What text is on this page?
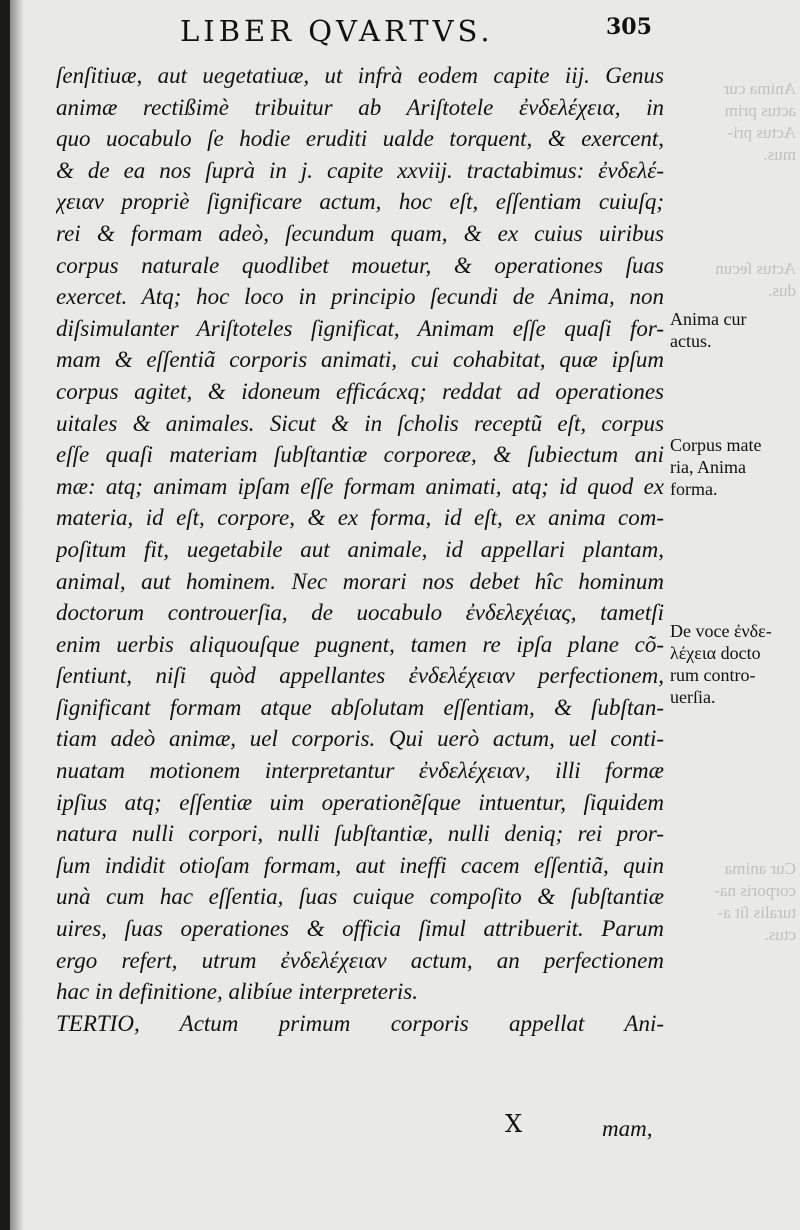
LIBER QVARTVS.	305
ſenſitiuæ, aut uegetatiuæ, ut infrà eodem capite iij. Genus
animæ rectißimè tribuitur ab Ariſtotele ἐνδελέχεια, in
quo uocabulo ſe hodie eruditi ualde torquent, & exercent,
& de ea nos ſuprà in j. capite xxviij. tractabimus: ἐνδελέ-
χειαν propriè ſignificare actum, hoc eſt, eſſentiam cuiuſq;
rei & formam adeò, ſecundum quam, & ex cuius uiribus
corpus naturale quodlibet mouetur, & operationes ſuas
exercet. Atq; hoc loco in principio ſecundi de Anima, non
diſsimulanter Ariſtoteles ſignificat, Animam eſſe quaſi for-
mam & eſſentiã corporis animati, cui cohabitat, quæ ipſum
corpus agitet, & idoneum efficácxq; reddat ad operationes
uitales & animales. Sicut & in ſcholis receptũ eſt, corpus
eſſe quaſi materiam ſubſtantiæ corporeæ, & ſubiectum ani
mæ: atq; animam ipſam eſſe formam animati, atq; id quod ex
materia, id eſt, corpore, & ex forma, id eſt, ex anima com-
poſitum fit, uegetabile aut animale, id appellari plantam,
animal, aut hominem. Nec morari nos debet hîc hominum
doctorum controuerſia, de uocabulo ἐνδελεχέιας, tametſi
enim uerbis aliquouſque pugnent, tamen re ipſa plane cõ-
ſentiunt, niſi quòd appellantes ἐνδελέχειαν perfectionem,
ſignificant formam atque abſolutam eſſentiam, & ſubſtan-
tiam adeò animæ, uel corporis. Qui uerò actum, uel conti-
nuatam motionem interpretantur ἐνδελέχειαν, illi formæ
ipſius atq; eſſentiæ uim operationẽſque intuentur, ſiquidem
natura nulli corpori, nulli ſubſtantiæ, nulli deniq; rei pror-
ſum indidit otioſam formam, aut ineffi cacem eſſentiã, quin
unà cum hac eſſentia, ſuas cuique compoſito & ſubſtantiæ
uires, ſuas operationes & officia ſimul attribuerit. Parum
ergo refert, utrum ἐνδελέχειαν actum, an perfectionem
hac in definitione, alibíue interpreteris.
TERTIO, Actum primum corporis appellat Ani-
Anima cur
actus prim
Actus pri-
mus.
Actus ſecun
dus.
Cur anima
corporis na-
turalis ſit a-
ctus.
Anima cur
actus.
Corpus mate
ria, Anima
forma.
De voce ἐνδε-
λέχεια docto
rum contro-
uerſia.
X	mam,
